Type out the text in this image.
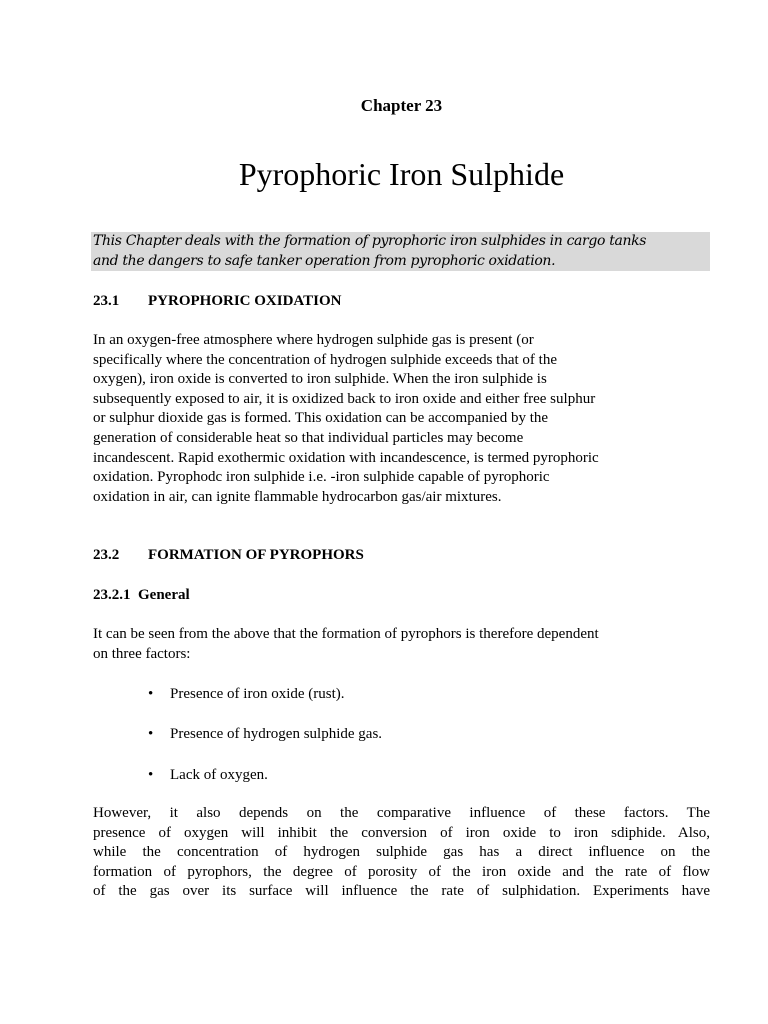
Chapter 23
Pyrophoric Iron Sulphide
This Chapter deals with the formation of pyrophoric iron sulphides in cargo tanks
and the dangers to safe tanker operation from pyrophoric oxidation.
23.1 PYROPHORIC OXIDATION
In an oxygen-free atmosphere where hydrogen sulphide gas is present (or
specifically where the concentration of hydrogen sulphide exceeds that of the
oxygen), iron oxide is converted to iron sulphide. When the iron sulphide is
subsequently exposed to air, it is oxidized back to iron oxide and either free sulphur
or sulphur dioxide gas is formed. This oxidation can be accompanied by the
generation of considerable heat so that individual particles may become
incandescent. Rapid exothermic oxidation with incandescence, is termed pyrophoric
oxidation. Pyrophodc iron sulphide i.e. -iron sulphide capable of pyrophoric
oxidation in air, can ignite flammable hydrocarbon gas/air mixtures.
23.2 FORMATION OF PYROPHORS
23.2.1 General
It can be seen from the above that the formation of pyrophors is therefore dependent
on three factors:
• Presence of iron oxide (rust).
• Presence of hydrogen sulphide gas.
• Lack of oxygen.
However, it also depends on the comparative influence of these factors. The
presence of oxygen will inhibit the conversion of iron oxide to iron sdiphide. Also,
while the concentration of hydrogen sulphide gas has a direct influence on the
formation of pyrophors, the degree of porosity of the iron oxide and the rate of flow
of the gas over its surface will influence the rate of sulphidation. Experiments have
